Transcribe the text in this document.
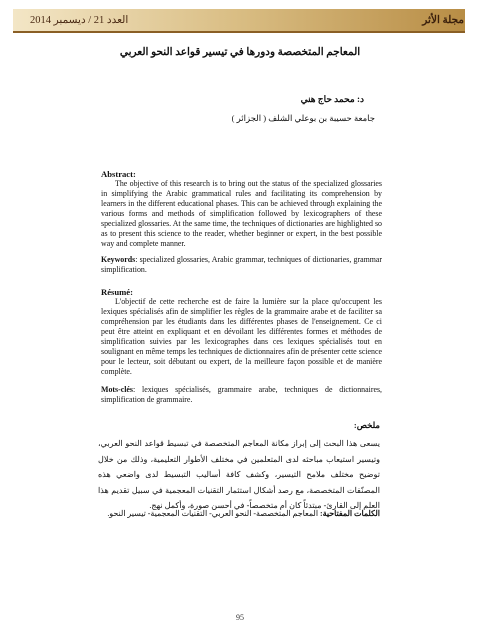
العدد 21 / ديسمبر 2014	مجلة الأثر
المعاجم المتخصصة ودورها في تيسير قواعد النحو العربي
د: محمد حاج هني
جامعة حسيبة بن بوعلي الشلف ( الجزائر )
Abstract:
The objective of this research is to bring out the status of the specialized glossaries in simplifying the Arabic grammatical rules and facilitating its comprehension by learners in the different educational phases. This can be achieved through explaining the various forms and methods of simplification followed by lexicographers of these specialized glossaries. At the same time, the techniques of dictionaries are highlighted so as to present this science to the reader, whether beginner or expert, in the best possible way and complete manner.
Keywords: specialized glossaries, Arabic grammar, techniques of dictionaries, grammar simplification.
Résumé:
L'objectif de cette recherche est de faire la lumière sur la place qu'occupent les lexiques spécialisés afin de simplifier les règles de la grammaire arabe et de faciliter sa compréhension par les étudiants dans les différentes phases de l'enseignement. Ce ci peut être atteint en expliquant et en dévoilant les différentes formes et méthodes de simplification suivies par les lexicographes dans ces lexiques spécialisés tout en soulignant en même temps les techniques de dictionnaires afin de présenter cette science pour le lecteur, soit débutant ou expert, de la meilleure façon possible et de manière complète.
Mots-clés: lexiques spécialisés, grammaire arabe, techniques de dictionnaires, simplification de grammaire.
ملخص:
يسعى هذا البحث إلى إبراز مكانة المعاجم المتخصصة في تبسيط قواعد النحو العربي، وتيسير استيعاب مباحثه لدى المتعلمين في مختلف الأطوار التعليمية، وذلك من خلال توضيح مختلف ملامح التيسير، وكشف كافة أساليب التبسيط لدى واضعي هذه المصنّفات المتخصصة، مع رصد أشكال استثمار التقنيات المعجمية في سبيل تقديم هذا العلم إلى القارئ- مبتدئاً كان أم متخصصاً- في أحسن صورة، وأكمل نهج.
الكلمات المفتاحية: المعاجم المتخصصة- النحو العربي- التقنيات المعجمية- تيسير النحو.
95
